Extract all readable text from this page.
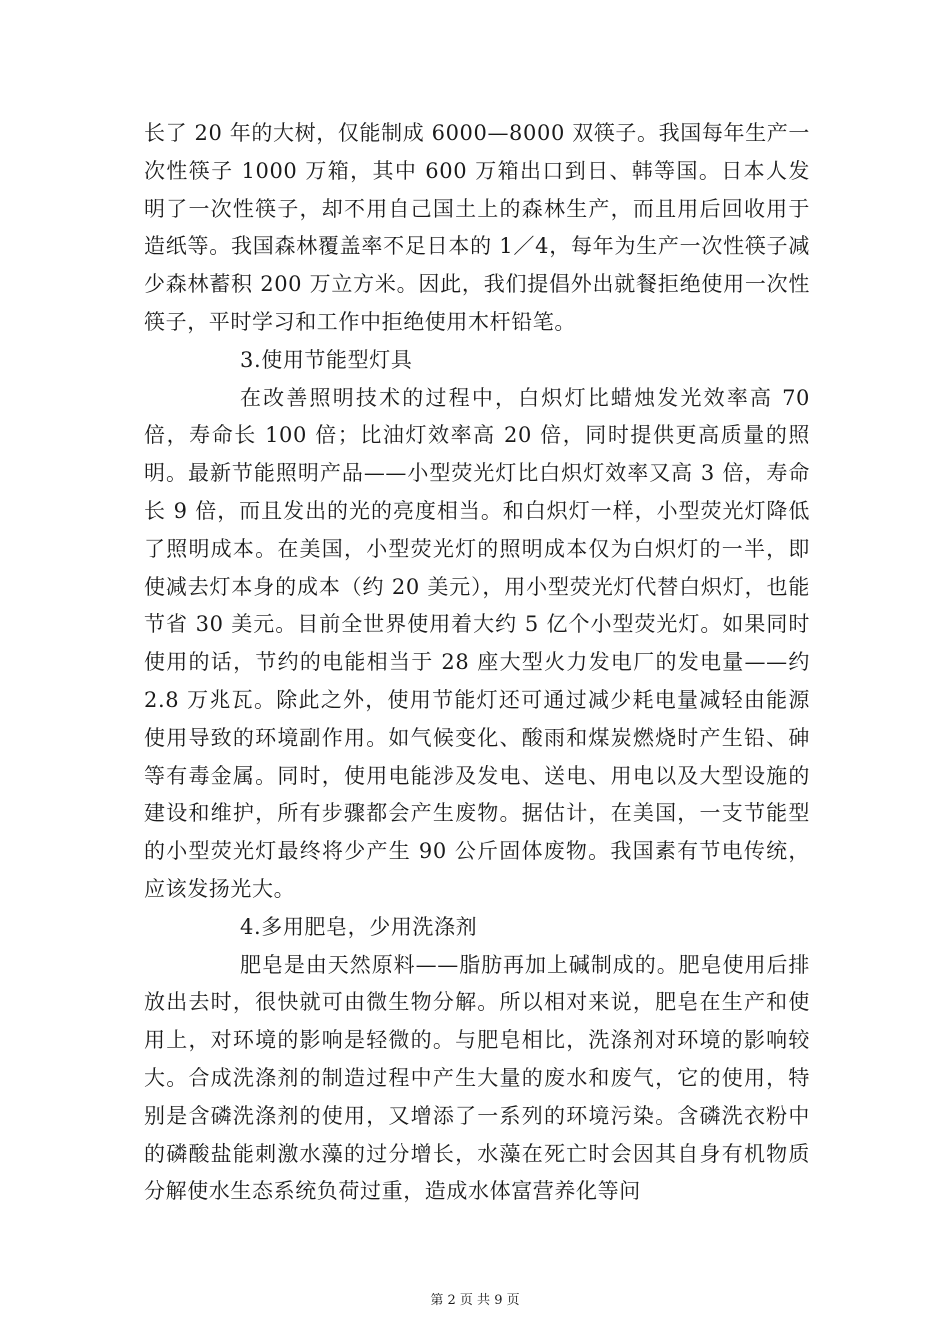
长了 20 年的大树，仅能制成 6000—8000 双筷子。我国每年生产一次性筷子 1000 万箱，其中 600 万箱出口到日、韩等国。日本人发明了一次性筷子，却不用自己国土上的森林生产，而且用后回收用于造纸等。我国森林覆盖率不足日本的 1／4，每年为生产一次性筷子减少森林蓄积 200 万立方米。因此，我们提倡外出就餐拒绝使用一次性筷子，平时学习和工作中拒绝使用木杆铅笔。

3.使用节能型灯具

在改善照明技术的过程中，白炽灯比蜡烛发光效率高 70 倍，寿命长 100 倍；比油灯效率高 20 倍，同时提供更高质量的照明。最新节能照明产品——小型荧光灯比白炽灯效率又高 3 倍，寿命长 9 倍，而且发出的光的亮度相当。和白炽灯一样，小型荧光灯降低了照明成本。在美国，小型荧光灯的照明成本仅为白炽灯的一半，即使减去灯本身的成本（约 20 美元），用小型荧光灯代替白炽灯，也能节省 30 美元。目前全世界使用着大约 5 亿个小型荧光灯。如果同时使用的话，节约的电能相当于 28 座大型火力发电厂的发电量——约 2.8 万兆瓦。除此之外，使用节能灯还可通过减少耗电量减轻由能源使用导致的环境副作用。如气候变化、酸雨和煤炭燃烧时产生铅、砷等有毒金属。同时，使用电能涉及发电、送电、用电以及大型设施的建设和维护，所有步骤都会产生废物。据估计，在美国，一支节能型的小型荧光灯最终将少产生 90 公斤固体废物。我国素有节电传统，应该发扬光大。

4.多用肥皂，少用洗涤剂

肥皂是由天然原料——脂肪再加上碱制成的。肥皂使用后排放出去时，很快就可由微生物分解。所以相对来说，肥皂在生产和使用上，对环境的影响是轻微的。与肥皂相比，洗涤剂对环境的影响较大。合成洗涤剂的制造过程中产生大量的废水和废气，它的使用，特别是含磷洗涤剂的使用，又增添了一系列的环境污染。含磷洗衣粉中的磷酸盐能刺激水藻的过分增长，水藻在死亡时会因其自身有机物质分解使水生态系统负荷过重，造成水体富营养化等问

第 2 页 共 9 页
